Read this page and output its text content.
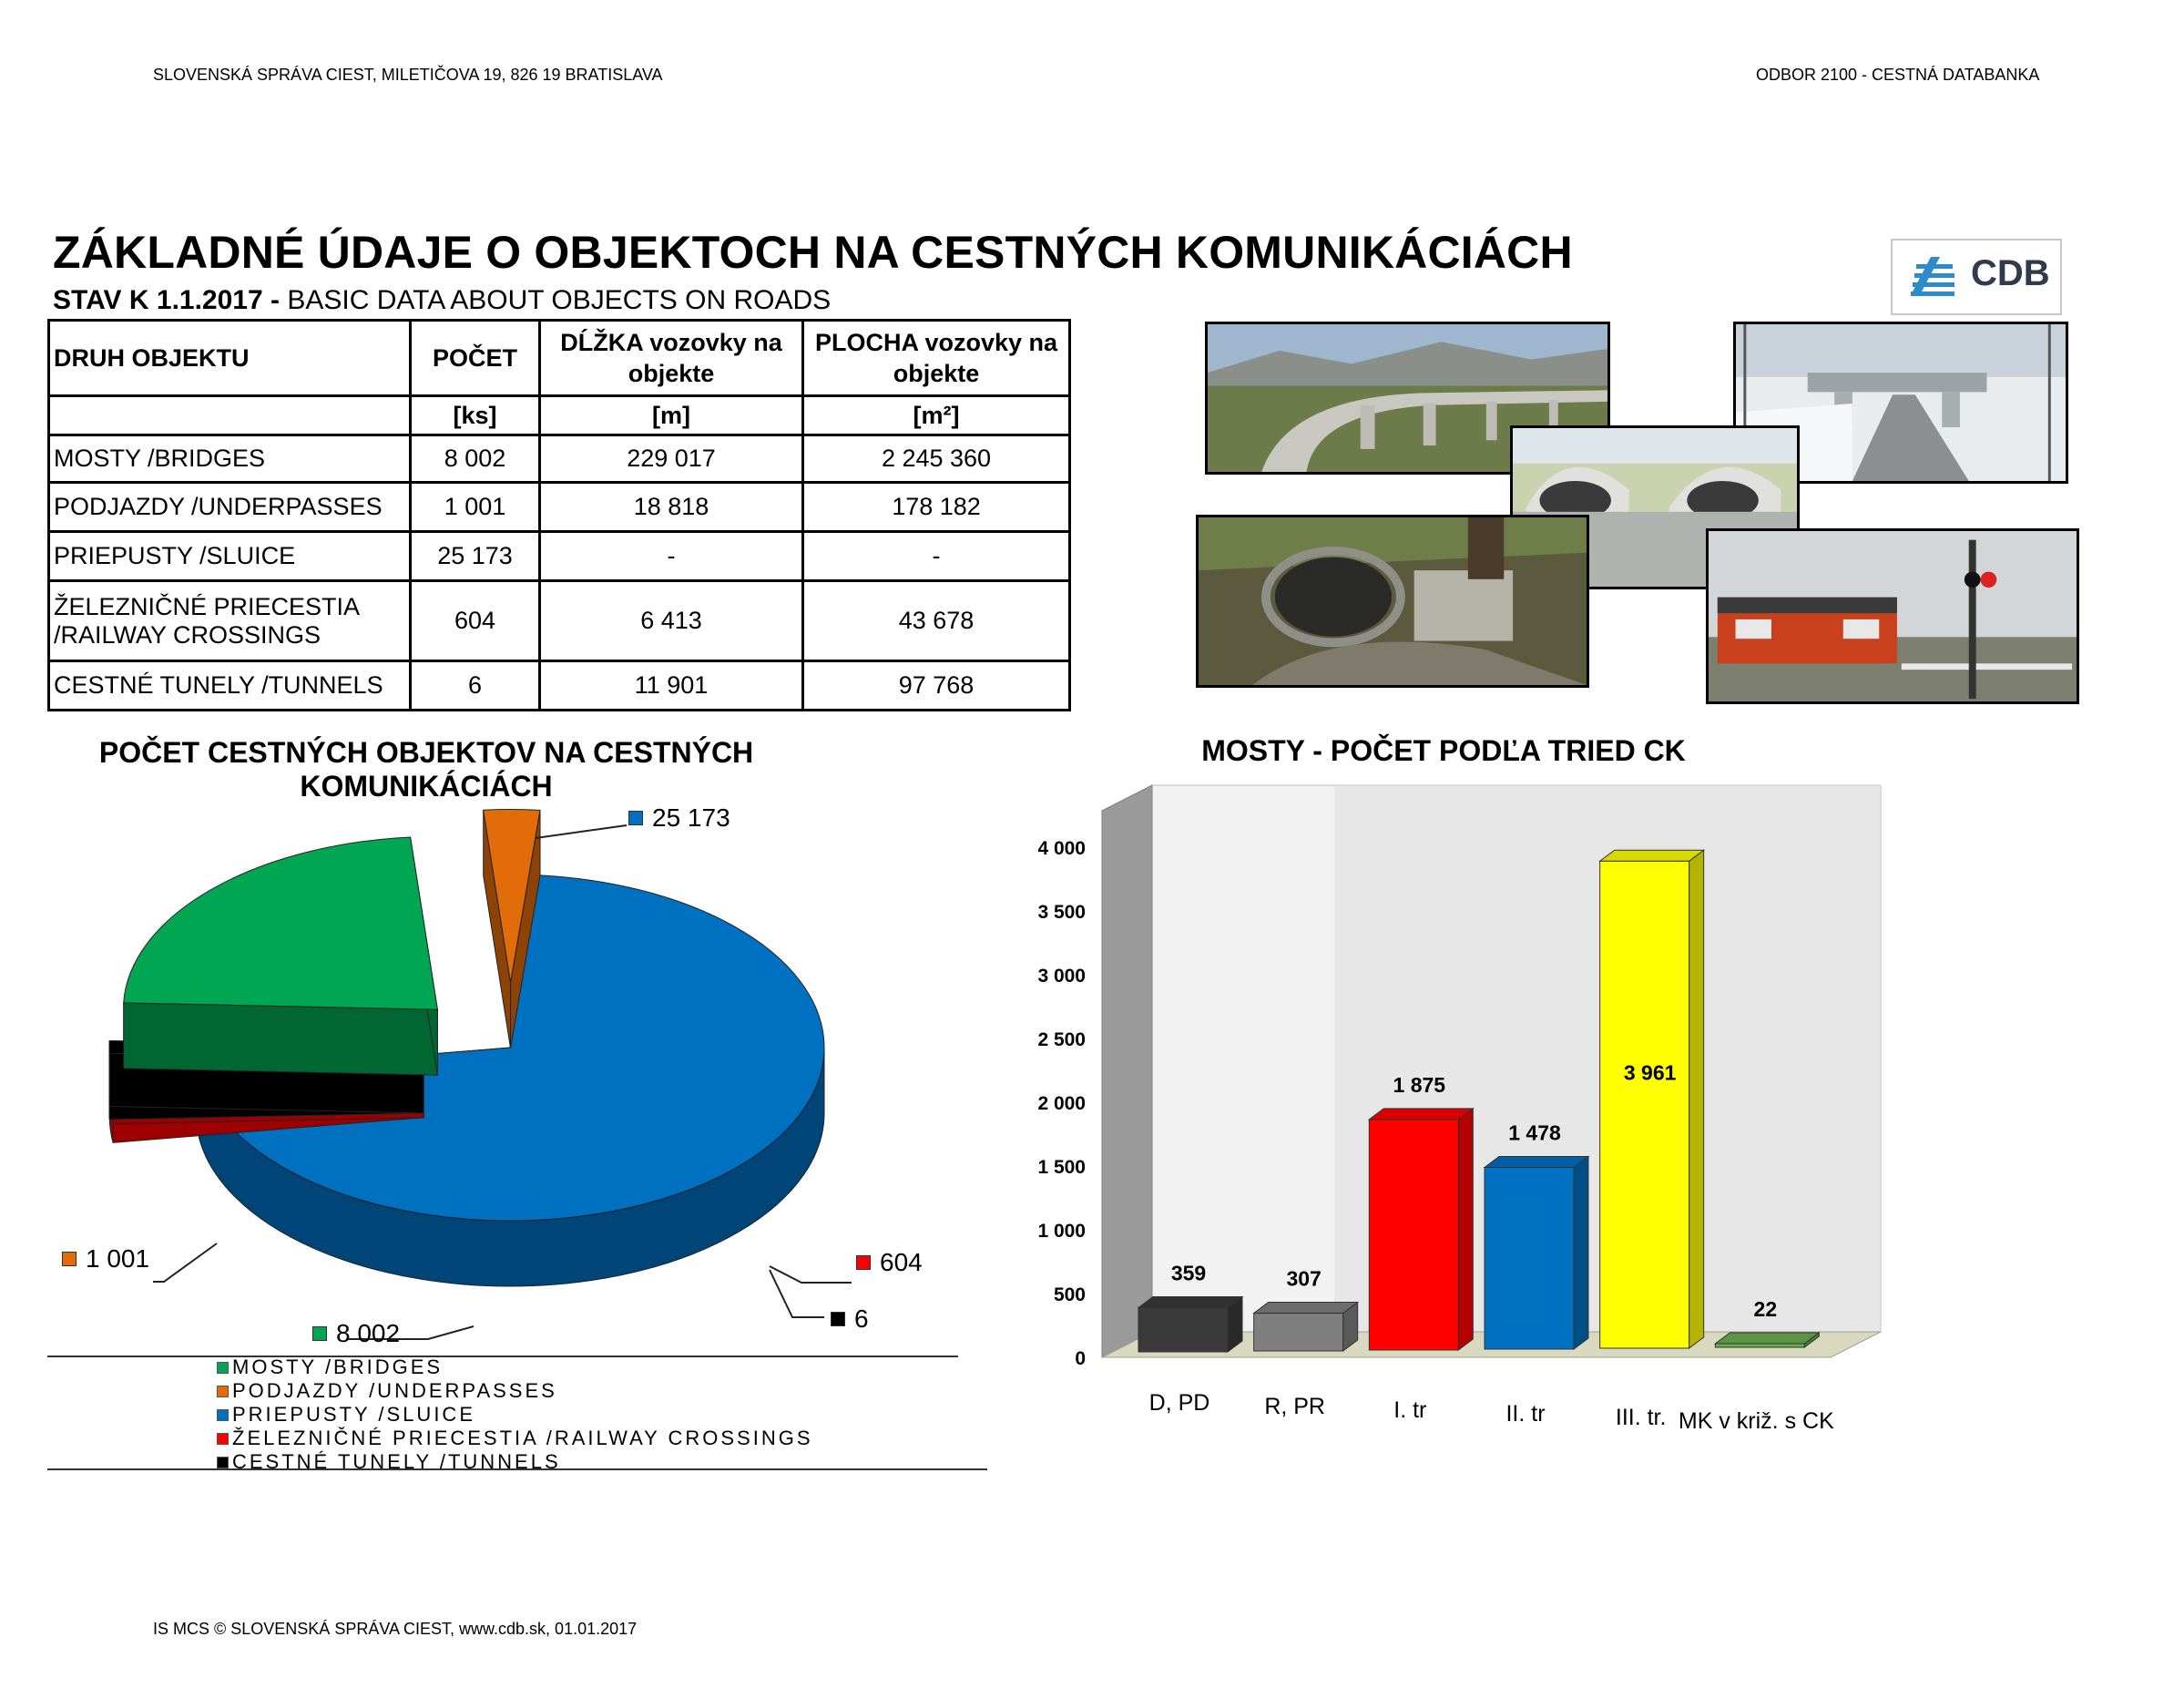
SLOVENSKÁ SPRÁVA CIEST, MILETIČOVA 19, 826 19 BRATISLAVA	ODBOR 2100 - CESTNÁ DATABANKA
ZÁKLADNÉ ÚDAJE O OBJEKTOCH NA CESTNÝCH KOMUNIKÁCIÁCH
STAV K 1.1.2017 - BASIC DATA ABOUT OBJECTS ON ROADS
CDB
DRUH OBJEKTU	POČET	DĹŽKA vozovky na objekte	PLOCHA vozovky na objekte
	[ks]	[m]	[m²]
MOSTY /BRIDGES	8 002	229 017	2 245 360
PODJAZDY /UNDERPASSES	1 001	18 818	178 182
PRIEPUSTY /SLUICE	25 173	-	-
ŽELEZNIČNÉ PRIECESTIA /RAILWAY CROSSINGS	604	6 413	43 678
CESTNÉ TUNELY /TUNNELS	6	11 901	97 768
POČET CESTNÝCH OBJEKTOV NA CESTNÝCH KOMUNIKÁCIÁCH
MOSTY /BRIDGES
PODJAZDY /UNDERPASSES
PRIEPUSTY /SLUICE
ŽELEZNIČNÉ PRIECESTIA /RAILWAY CROSSINGS
CESTNÉ TUNELY /TUNNELS
25 173
1 001
8 002
604
6
MOSTY - POČET PODĽA TRIED CK
0
500
1 000
1 500
2 000
2 500
3 000
3 500
4 000
359
D, PD
307
R, PR
1 875
I. tr
1 478
II. tr
3 961
III. tr.
22
MK v križ. s CK
IS MCS © SLOVENSKÁ SPRÁVA CIEST, www.cdb.sk, 01.01.2017
